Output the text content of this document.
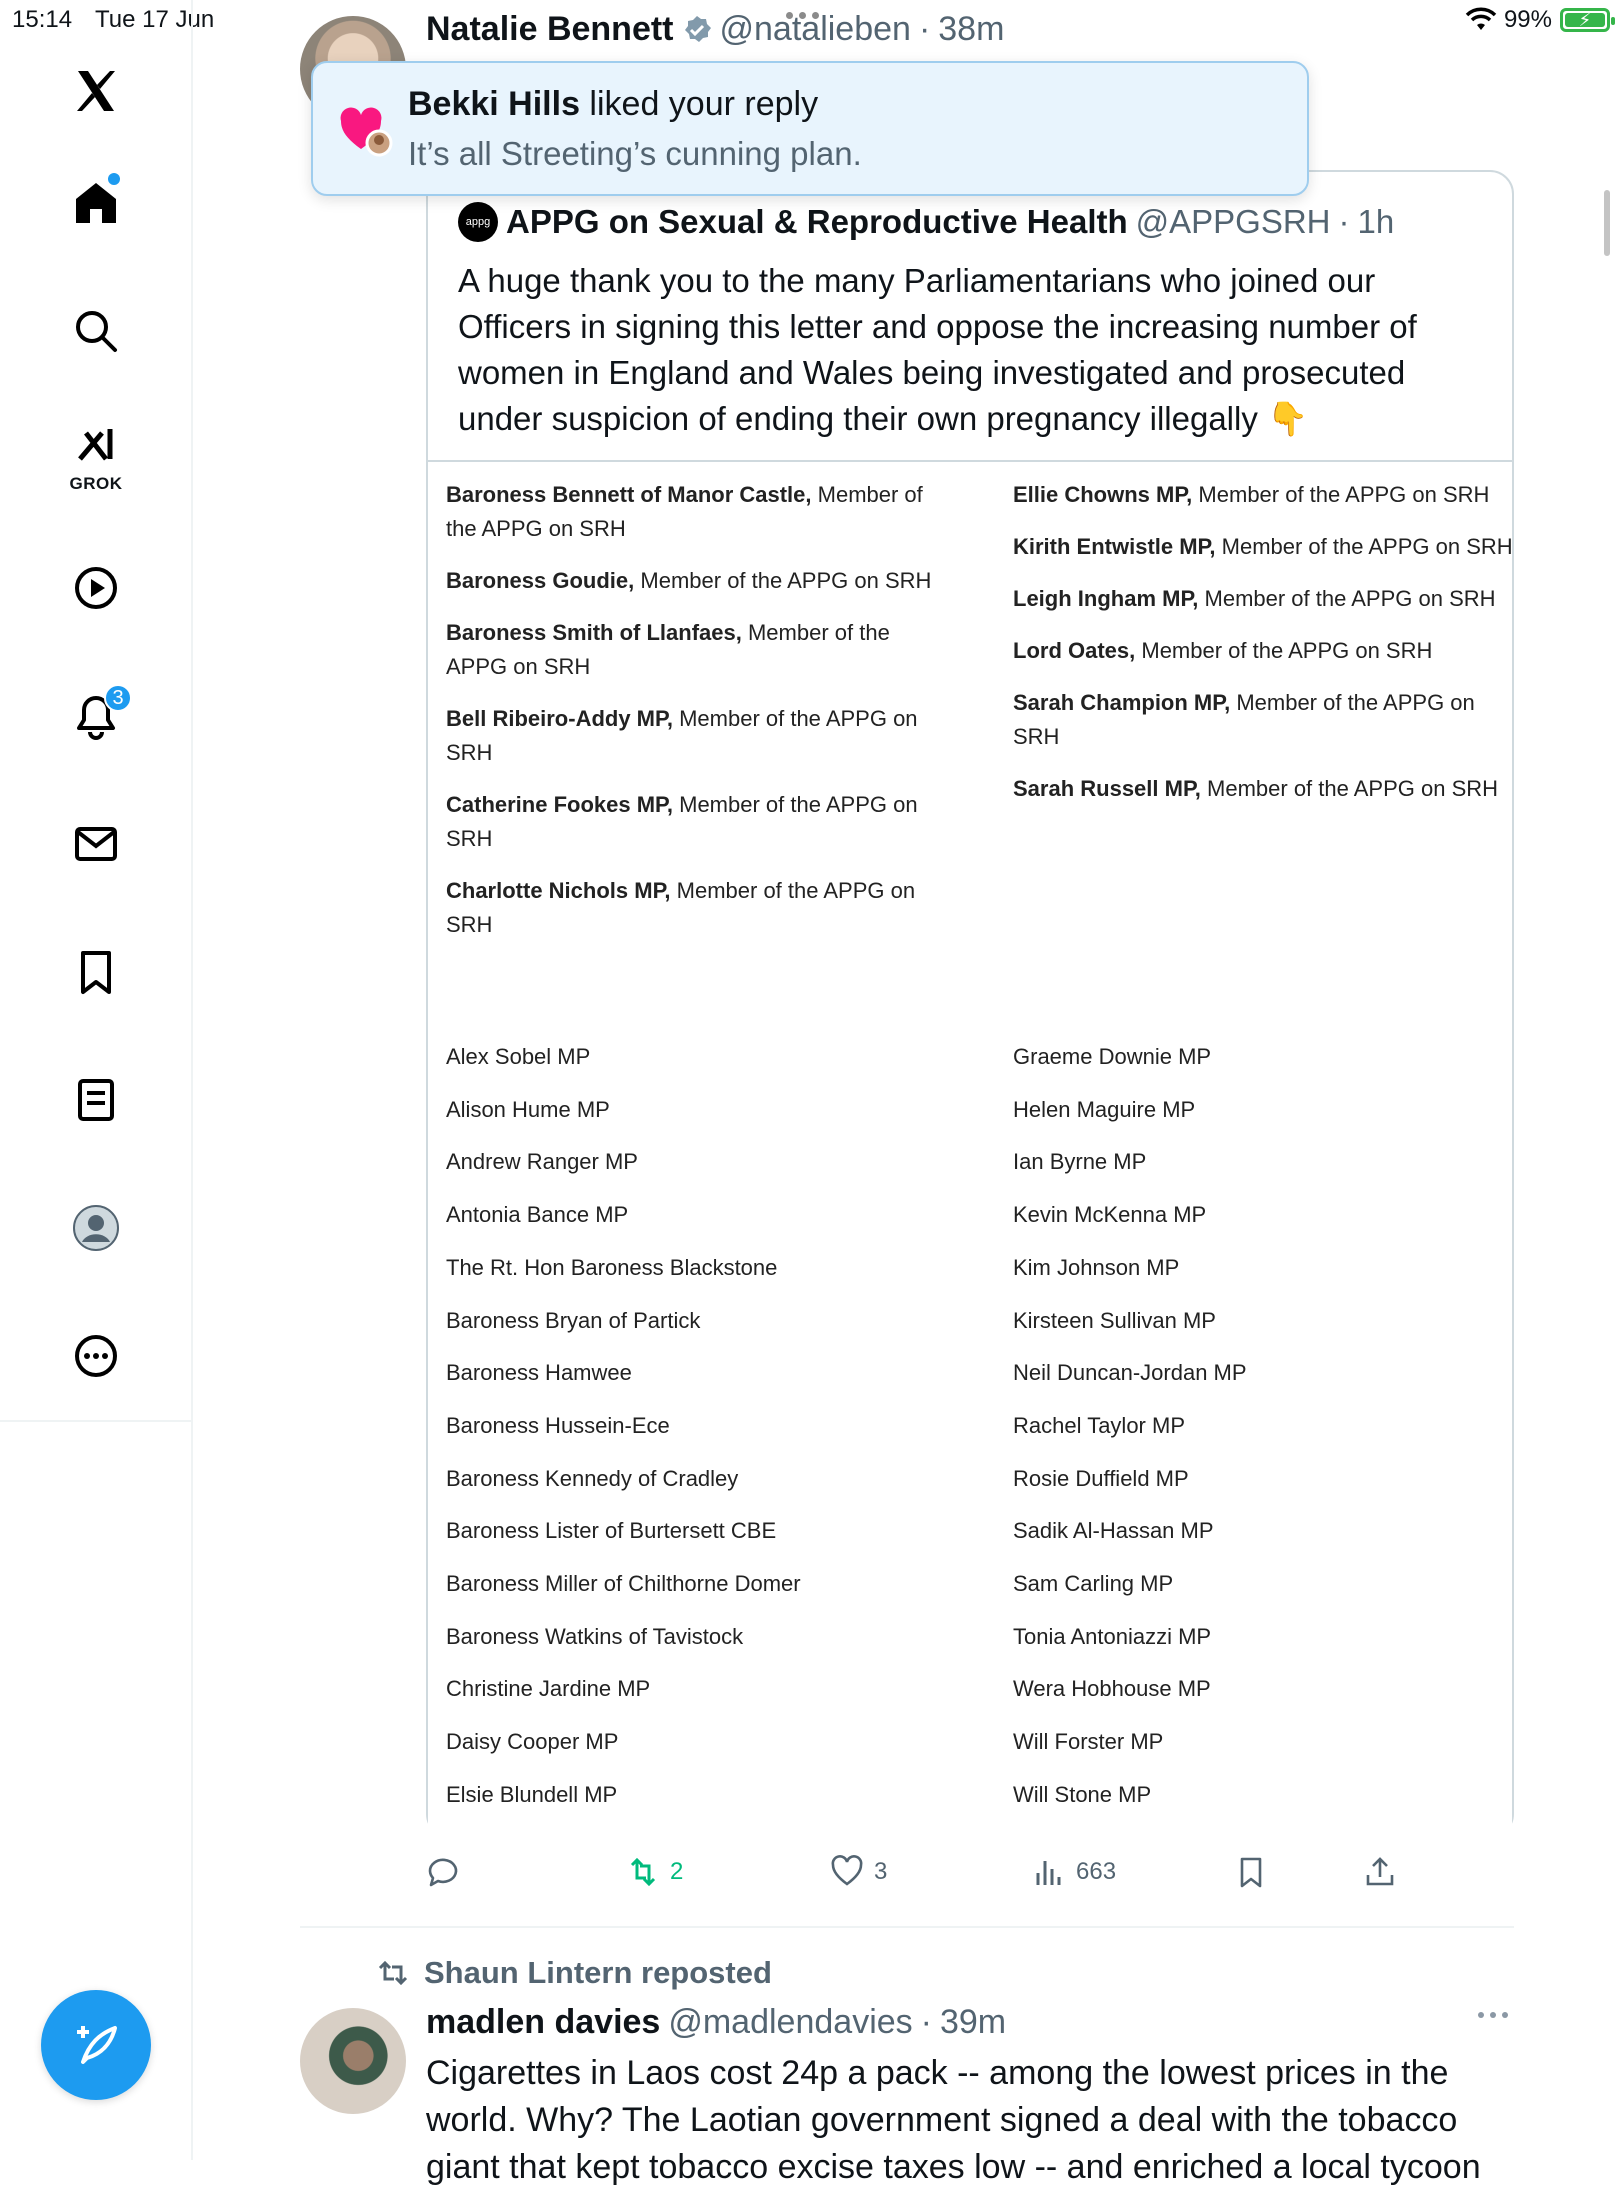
15:14 Tue 17 Jun	99% ⚡
GROK
3
Natalie Bennett @natalieben · 38m
appg APPG on Sexual & Reproductive Health @APPGSRH · 1h
A huge thank you to the many Parliamentarians who joined our Officers in signing this letter and oppose the increasing number of women in England and Wales being investigated and prosecuted under suspicion of ending their own pregnancy illegally 👇
Baroness Bennett of Manor Castle, Member of the APPG on SRH
Baroness Goudie, Member of the APPG on SRH
Baroness Smith of Llanfaes, Member of the APPG on SRH
Bell Ribeiro-Addy MP, Member of the APPG on SRH
Catherine Fookes MP, Member of the APPG on SRH
Charlotte Nichols MP, Member of the APPG on SRH
Ellie Chowns MP, Member of the APPG on SRH
Kirith Entwistle MP, Member of the APPG on SRH
Leigh Ingham MP, Member of the APPG on SRH
Lord Oates, Member of the APPG on SRH
Sarah Champion MP, Member of the APPG on SRH
Sarah Russell MP, Member of the APPG on SRH
Alex Sobel MP
Alison Hume MP
Andrew Ranger MP
Antonia Bance MP
The Rt. Hon Baroness Blackstone
Baroness Bryan of Partick
Baroness Hamwee
Baroness Hussein-Ece
Baroness Kennedy of Cradley
Baroness Lister of Burtersett CBE
Baroness Miller of Chilthorne Domer
Baroness Watkins of Tavistock
Christine Jardine MP
Daisy Cooper MP
Elsie Blundell MP
Graeme Downie MP
Helen Maguire MP
Ian Byrne MP
Kevin McKenna MP
Kim Johnson MP
Kirsteen Sullivan MP
Neil Duncan-Jordan MP
Rachel Taylor MP
Rosie Duffield MP
Sadik Al-Hassan MP
Sam Carling MP
Tonia Antoniazzi MP
Wera Hobhouse MP
Will Forster MP
Will Stone MP
Bekki Hills liked your reply
It’s all Streeting’s cunning plan.
2	3	663
Shaun Lintern reposted
madlen davies @madlendavies · 39m
Cigarettes in Laos cost 24p a pack -- among the lowest prices in the world. Why? The Laotian government signed a deal with the tobacco giant that kept tobacco excise taxes low -- and enriched a local tycoon
